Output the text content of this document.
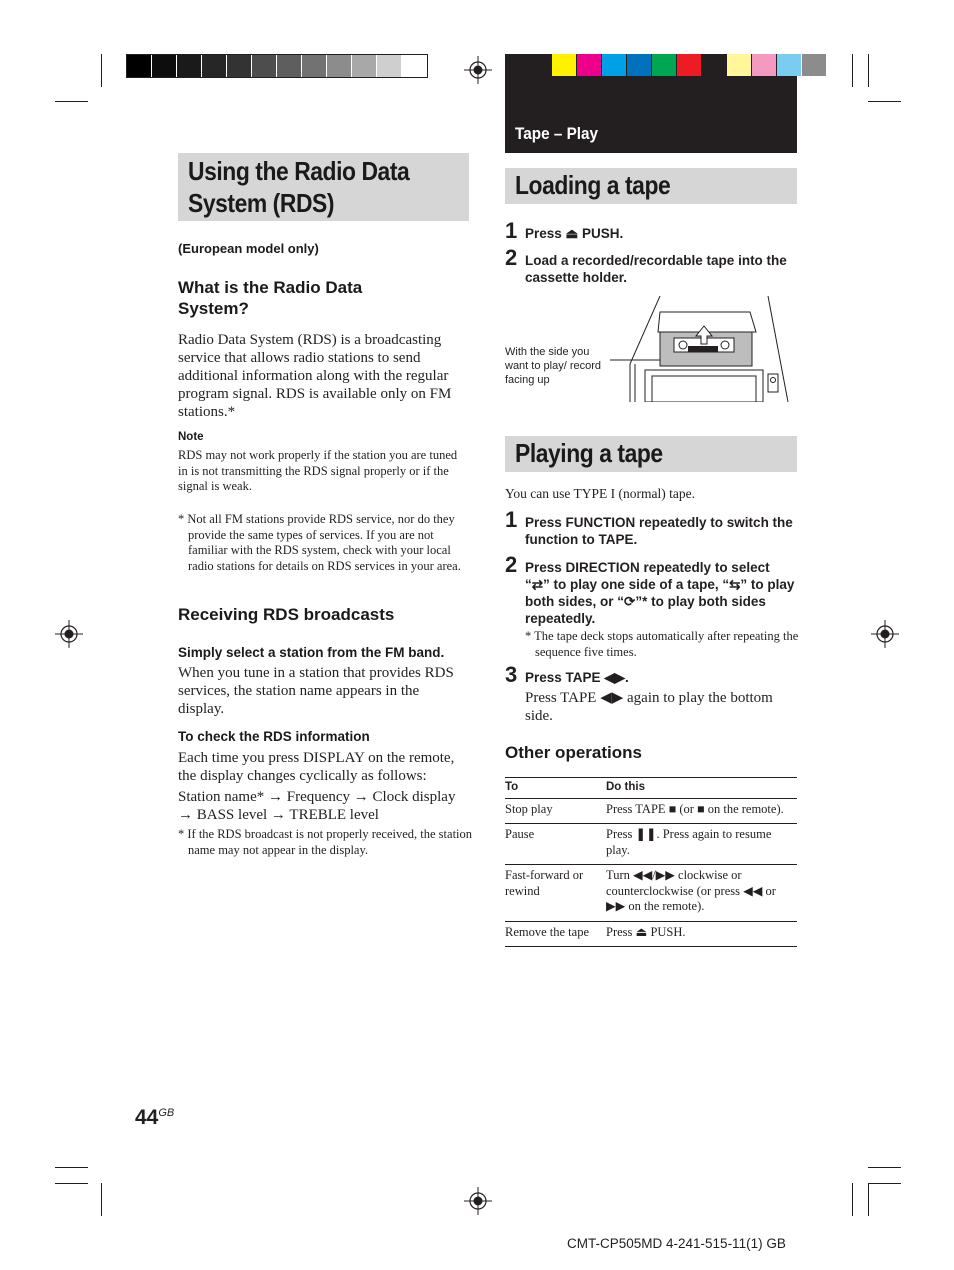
Tape – Play
Using the Radio Data System (RDS)
(European model only)
What is the Radio Data System?
Radio Data System (RDS) is a broadcasting service that allows radio stations to send additional information along with the regular program signal. RDS is available only on FM stations.*
Note
RDS may not work properly if the station you are tuned in is not transmitting the RDS signal properly or if the signal is weak.
* Not all FM stations provide RDS service, nor do they provide the same types of services. If you are not familiar with the RDS system, check with your local radio stations for details on RDS services in your area.
Receiving RDS broadcasts
Simply select a station from the FM band.
When you tune in a station that provides RDS services, the station name appears in the display.
To check the RDS information
Each time you press DISPLAY on the remote, the display changes cyclically as follows:
Station name* → Frequency → Clock display
→ BASS level → TREBLE level
* If the RDS broadcast is not properly received, the station name may not appear in the display.
Loading a tape
1 Press ⏏ PUSH.
2 Load a recorded/recordable tape into the cassette holder.
With the side you want to play/ record facing up
Playing a tape
You can use TYPE I (normal) tape.
1 Press FUNCTION repeatedly to switch the function to TAPE.
2 Press DIRECTION repeatedly to select “⇄” to play one side of a tape, “⇆” to play both sides, or “⟳”* to play both sides repeatedly.
* The tape deck stops automatically after repeating the sequence five times.
3 Press TAPE ◀▶.
Press TAPE ◀▶ again to play the bottom side.
Other operations
To	Do this
Stop play	Press TAPE ■ (or ■ on the remote).
Pause	Press ❚❚. Press again to resume play.
Fast-forward or rewind	Turn ◀◀/▶▶ clockwise or counterclockwise (or press ◀◀ or ▶▶ on the remote).
Remove the tape	Press ⏏ PUSH.
$44^{GB}$
CMT-CP505MD 4-241-515-11(1) GB
